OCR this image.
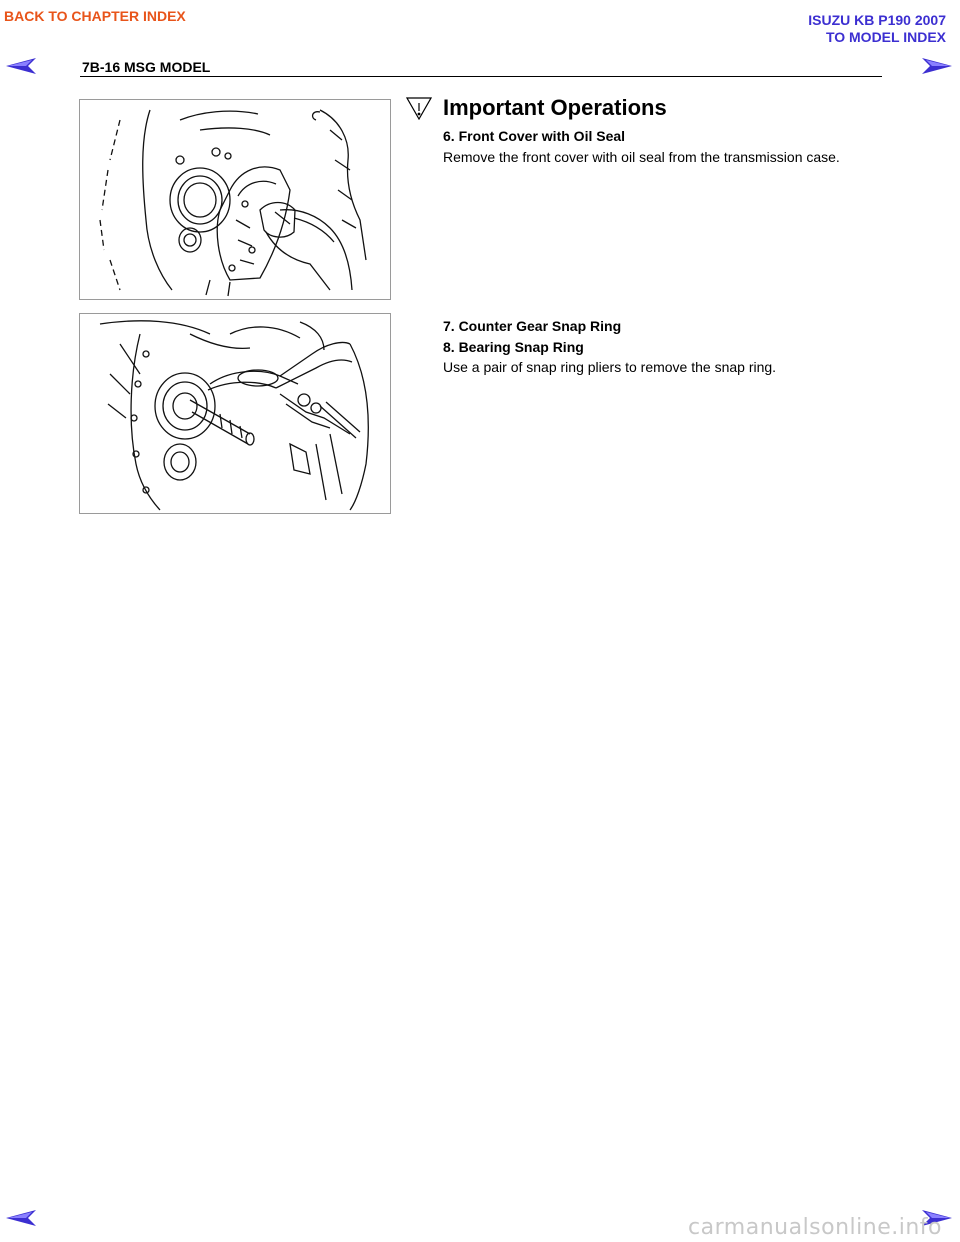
BACK TO CHAPTER INDEX	ISUZU KB P190 2007
TO MODEL INDEX
7B-16 MSG MODEL
Important Operations
6. Front Cover with Oil Seal
Remove the front cover with oil seal from the transmission case.
7. Counter Gear Snap Ring
8. Bearing Snap Ring
Use a pair of snap ring pliers to remove the snap ring.
carmanualsonline.info
